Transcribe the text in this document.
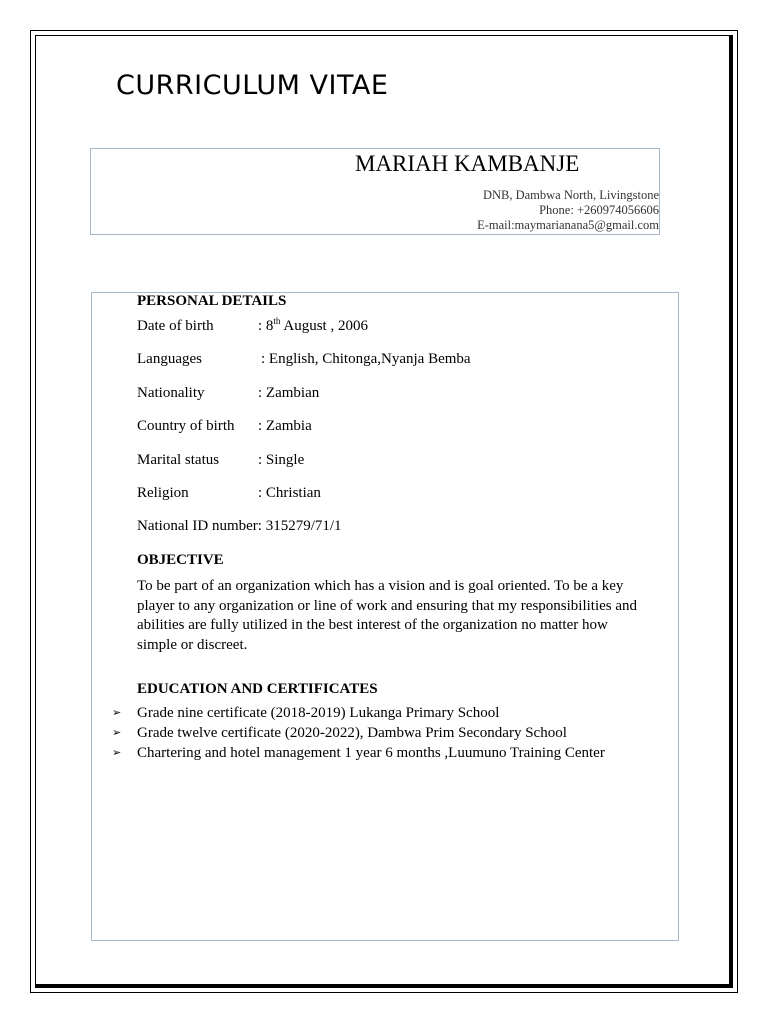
CURRICULUM VITAE
MARIAH KAMBANJE
DNB, Dambwa North, Livingstone
Phone: +260974056606
E-mail:maymarianana5@gmail.com
PERSONAL DETAILS
Date of birth	: 8th August , 2006
Languages	: English, Chitonga,Nyanja Bemba
Nationality	: Zambian
Country of birth : Zambia
Marital status	: Single
Religion	: Christian
National ID number: 315279/71/1
OBJECTIVE
To be part of an organization which has a vision and is goal oriented. To be a key player to any organization or line of work and ensuring that my responsibilities and abilities are fully utilized in the best interest of the organization no matter how simple or discreet.
EDUCATION AND CERTIFICATES
➢ Grade nine certificate (2018-2019) Lukanga Primary School
➢ Grade twelve certificate (2020-2022), Dambwa Prim Secondary School
➢ Chartering and hotel management 1 year 6 months ,Luumuno Training Center
